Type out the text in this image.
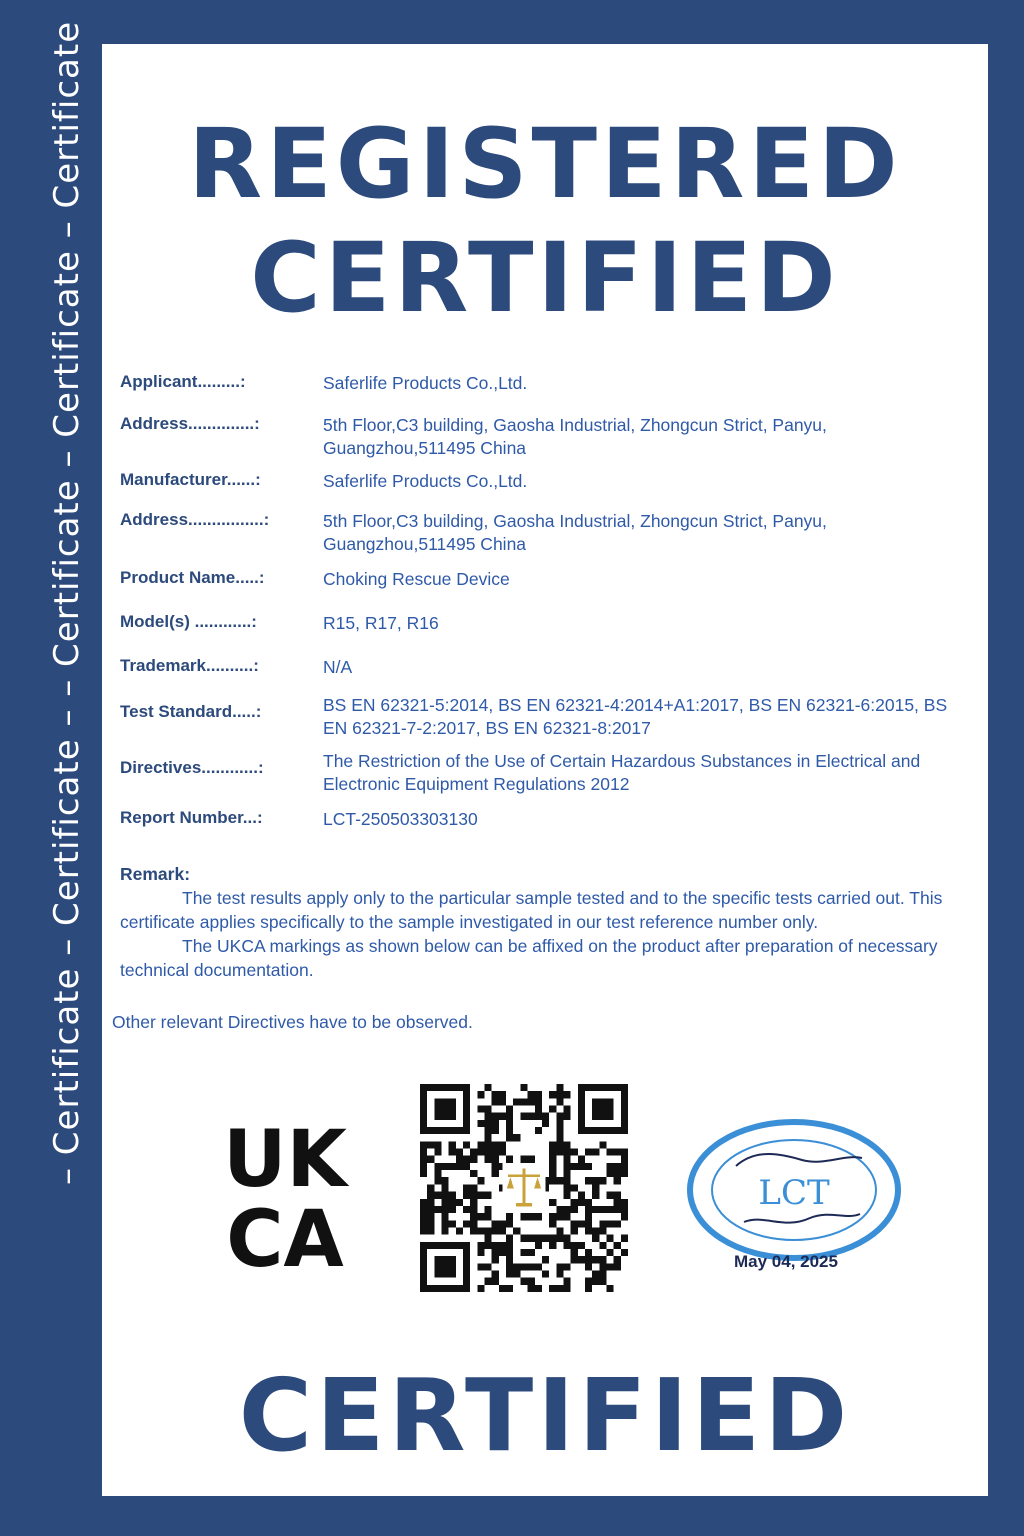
– Certificate – Certificate – – Certificate – Certificate – Certificate	REGISTERED
CERTIFIED
Applicant.........:	Saferlife Products Co.,Ltd.
Address..............:	5th Floor,C3 building, Gaosha Industrial, Zhongcun Strict, Panyu, Guangzhou,511495 China
Manufacturer......:	Saferlife Products Co.,Ltd.
Address................:	5th Floor,C3 building, Gaosha Industrial, Zhongcun Strict, Panyu, Guangzhou,511495 China
Product Name.....:	Choking Rescue Device
Model(s) ............:	R15, R17, R16
Trademark..........:	N/A
Test Standard.....:	BS EN 62321-5:2014, BS EN 62321-4:2014+A1:2017, BS EN 62321-6:2015, BS EN 62321-7-2:2017, BS EN 62321-8:2017
Directives............:	The Restriction of the Use of Certain Hazardous Substances in Electrical and Electronic Equipment Regulations 2012
Report Number...:	LCT-250503303130
Remark:
The test results apply only to the particular sample tested and to the specific tests carried out. This certificate applies specifically to the sample investigated in our test reference number only.
The UKCA markings as shown below can be affixed on the product after preparation of necessary technical documentation.
Other relevant Directives have to be observed.
UK
CA
LCT
May 04, 2025
CERTIFIED
